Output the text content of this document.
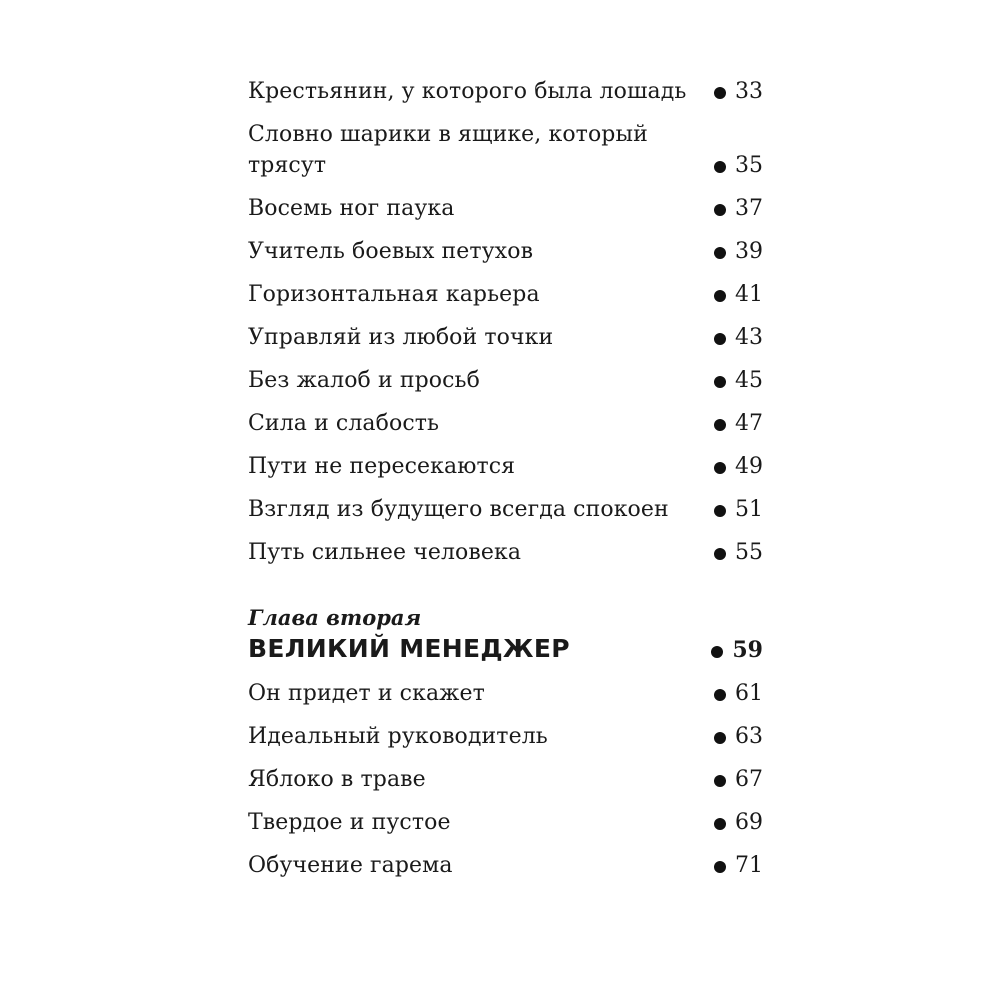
Крестьянин, у которого была лошадь 33
Словно шарики в ящике, который трясут	35
Восемь ног паука	37
Учитель боевых петухов	39
Горизонтальная карьера	41
Управляй из любой точки	43
Без жалоб и просьб	45
Сила и слабость	47
Пути не пересекаются	49
Взгляд из будущего всегда спокоен	51
Путь сильнее человека	55
Глава вторая
ВЕЛИКИЙ МЕНЕДЖЕР	59
Он придет и скажет	61
Идеальный руководитель	63
Яблоко в траве	67
Твердое и пустое	69
Обучение гарема	71
